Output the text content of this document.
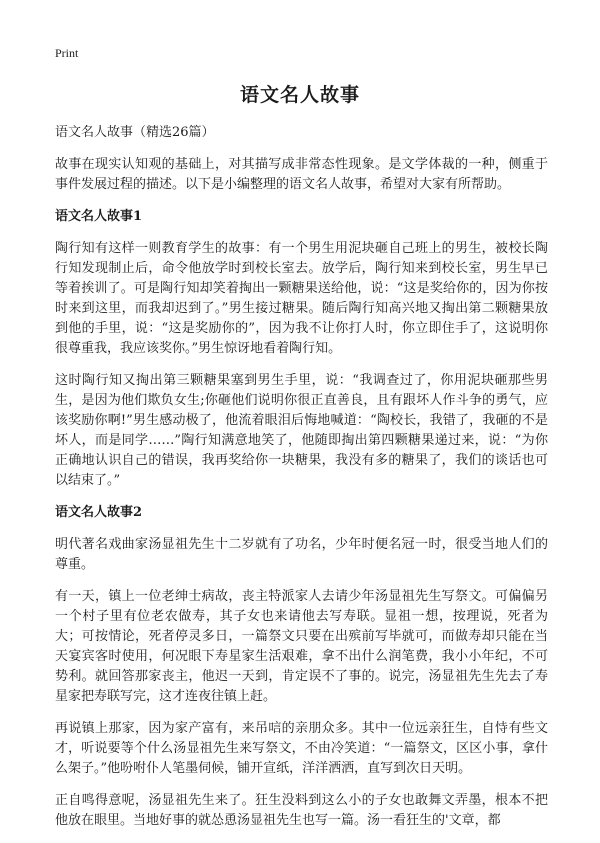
Print
语文名人故事

语文名人故事（精选26篇）

故事在现实认知观的基础上，对其描写成非常态性现象。是文学体裁的一种，侧重于事件发展过程的描述。以下是小编整理的语文名人故事，希望对大家有所帮助。

语文名人故事1

陶行知有这样一则教育学生的故事：有一个男生用泥块砸自己班上的男生，被校长陶行知发现制止后，命令他放学时到校长室去。放学后，陶行知来到校长室，男生早已等着挨训了。可是陶行知却笑着掏出一颗糖果送给他，说：“这是奖给你的，因为你按时来到这里，而我却迟到了。”男生接过糖果。随后陶行知高兴地又掏出第二颗糖果放到他的手里，说：“这是奖励你的”，因为我不让你打人时，你立即住手了，这说明你很尊重我，我应该奖你。”男生惊讶地看着陶行知。

这时陶行知又掏出第三颗糖果塞到男生手里，说：“我调查过了，你用泥块砸那些男生，是因为他们欺负女生;你砸他们说明你很正直善良，且有跟坏人作斗争的勇气，应该奖励你啊!”男生感动极了，他流着眼泪后悔地喊道：“陶校长，我错了，我砸的不是坏人，而是同学……”陶行知满意地笑了，他随即掏出第四颗糖果递过来，说：“为你正确地认识自己的错误，我再奖给你一块糖果，我没有多的糖果了，我们的谈话也可以结束了。”

语文名人故事2

明代著名戏曲家汤显祖先生十二岁就有了功名，少年时便名冠一时，很受当地人们的尊重。

有一天，镇上一位老绅士病故，丧主特派家人去请少年汤显祖先生写祭文。可偏偏另一个村子里有位老农做寿，其子女也来请他去写寿联。显祖一想，按理说，死者为大；可按情论，死者停灵多日，一篇祭文只要在出殡前写毕就可，而做寿却只能在当天宴宾客时使用，何况眼下寿星家生活艰难，拿不出什么润笔费，我小小年纪，不可势利。就回答那家丧主，他迟一天到，肯定误不了事的。说完，汤显祖先生先去了寿星家把寿联写完，这才连夜往镇上赶。

再说镇上那家，因为家产富有，来吊唁的亲朋众多。其中一位远亲狂生，自恃有些文才，听说要等个什么汤显祖先生来写祭文，不由冷笑道：“一篇祭文，区区小事，拿什么架子。”他吩咐仆人笔墨伺候，铺开宣纸，洋洋洒洒，直写到次日天明。

正自鸣得意呢，汤显祖先生来了。狂生没料到这么小的子女也敢舞文弄墨，根本不把他放在眼里。当地好事的就怂恿汤显祖先生也写一篇。汤一看狂生的'文章，都
